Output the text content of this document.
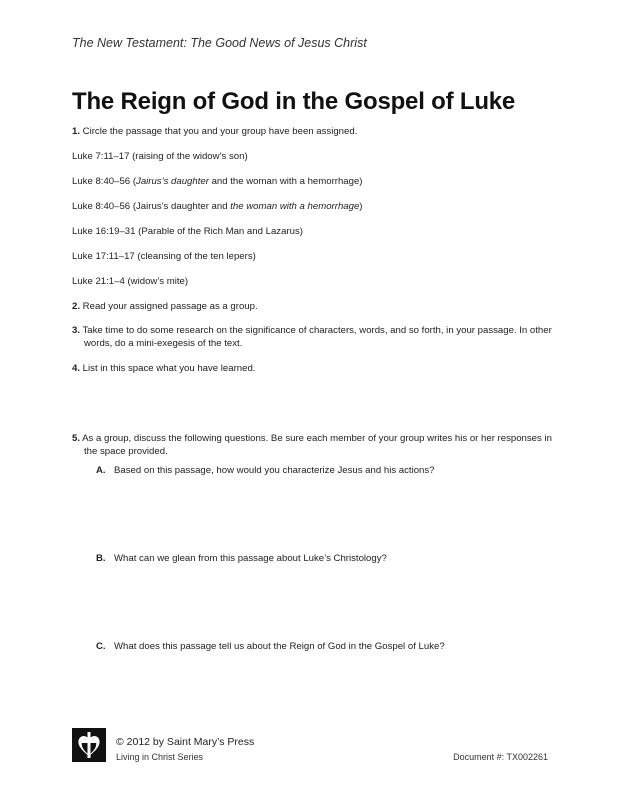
The New Testament: The Good News of Jesus Christ
The Reign of God in the Gospel of Luke
1. Circle the passage that you and your group have been assigned.
Luke 7:11–17 (raising of the widow’s son)
Luke 8:40–56 (Jairus’s daughter and the woman with a hemorrhage)
Luke 8:40–56 (Jairus’s daughter and the woman with a hemorrhage)
Luke 16:19–31 (Parable of the Rich Man and Lazarus)
Luke 17:11–17 (cleansing of the ten lepers)
Luke 21:1–4 (widow’s mite)
2. Read your assigned passage as a group.
3. Take time to do some research on the significance of characters, words, and so forth, in your passage. In other words, do a mini-exegesis of the text.
4. List in this space what you have learned.
5. As a group, discuss the following questions. Be sure each member of your group writes his or her responses in the space provided.
A. Based on this passage, how would you characterize Jesus and his actions?
B. What can we glean from this passage about Luke’s Christology?
C. What does this passage tell us about the Reign of God in the Gospel of Luke?
© 2012 by Saint Mary’s Press
Living in Christ Series	Document #: TX002261
